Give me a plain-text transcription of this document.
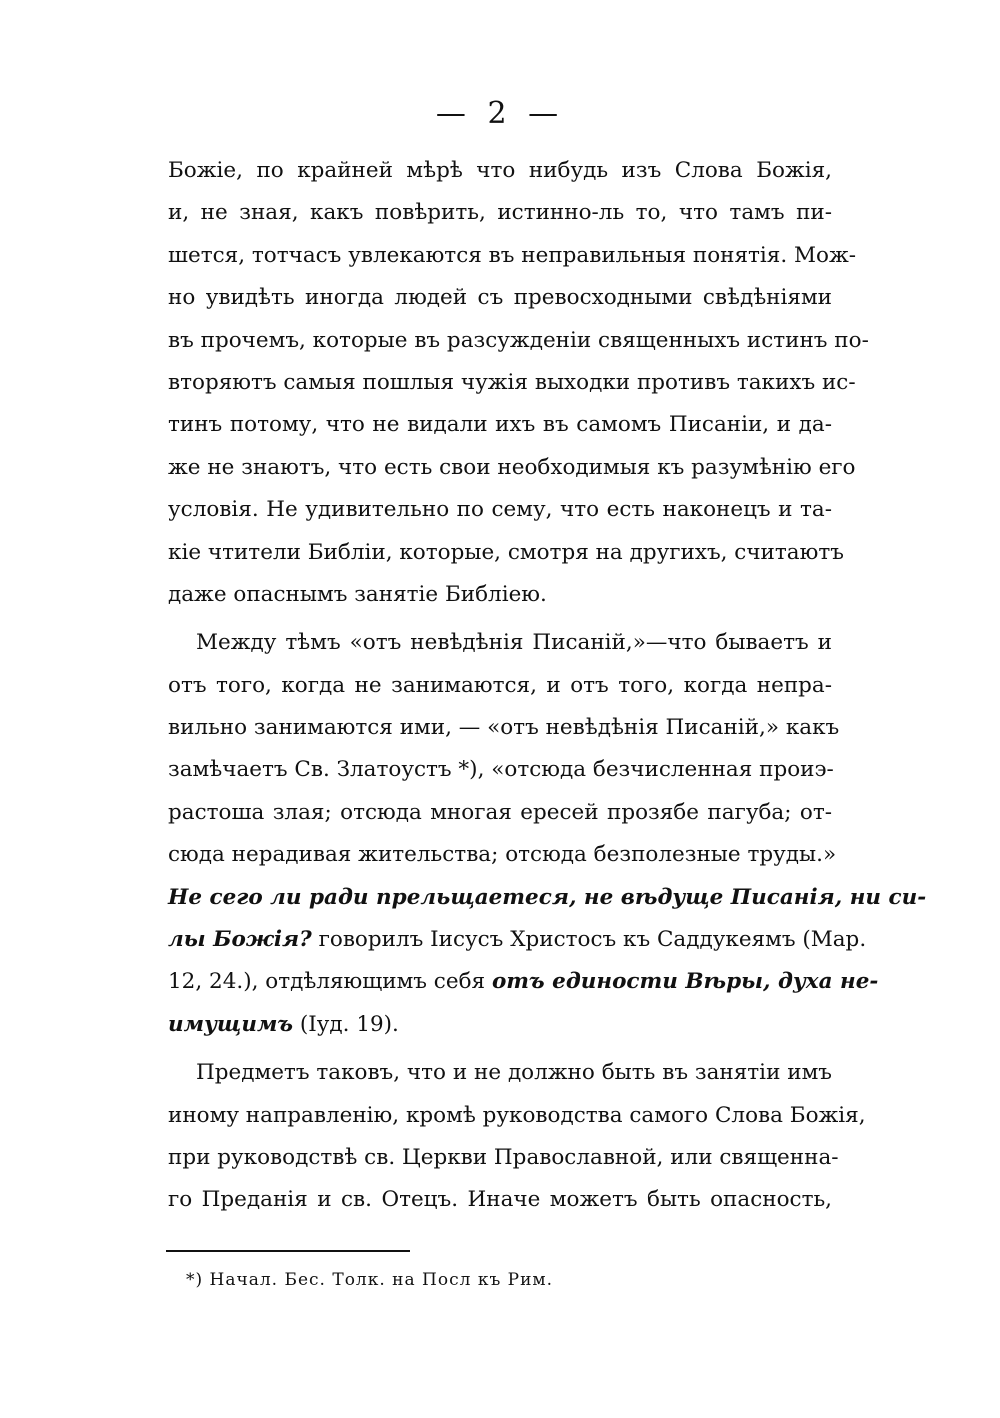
— 2 —
Божіе, по крайней мѣрѣ что нибудь изъ Слова Божія,
и, не зная, какъ повѣрить, истинно-ль то, что тамъ пи-
шется, тотчасъ увлекаются въ неправильныя понятія. Мож-
но увидѣть иногда людей съ превосходными свѣдѣніями
въ прочемъ, которые въ разсужденіи священныхъ истинъ по-
вторяютъ самыя пошлыя чужія выходки противъ такихъ ис-
тинъ потому, что не видали ихъ въ самомъ Писаніи, и да-
же не знаютъ, что есть свои необходимыя къ разумѣнію его
условія. Не удивительно по сему, что есть наконецъ и та-
кіе чтители Библіи, которые, смотря на другихъ, считаютъ
даже опаснымъ занятіе Библіею.
Между тѣмъ «отъ невѣдѣнія Писаній,»—что бываетъ и
отъ того, когда не занимаются, и отъ того, когда непра-
вильно занимаются ими, — «отъ невѣдѣнія Писаній,» какъ
замѣчаетъ Св. Златоустъ *), «отсюда безчисленная проиэ-
растоша злая; отсюда многая ересей прозябе пагуба; от-
сюда нерадивая жительства; отсюда безполезные труды.»
Не сего ли ради прельщаетеся, не вѣдуще Писанія, ни си-
лы Божія? говорилъ Іисусъ Христосъ къ Саддукеямъ (Мар.
12, 24.), отдѣляющимъ себя отъ единости Вѣры, духа не-
имущимъ (Іуд. 19).
Предметъ таковъ, что и не должно быть въ занятіи имъ
иному направленію, кромѣ руководства самого Слова Божія,
при руководствѣ св. Церкви Православной, или священна-
го Преданія и св. Отецъ. Иначе можетъ быть опасность,
*) Начал. Бес. Толк. на Посл къ Рим.
